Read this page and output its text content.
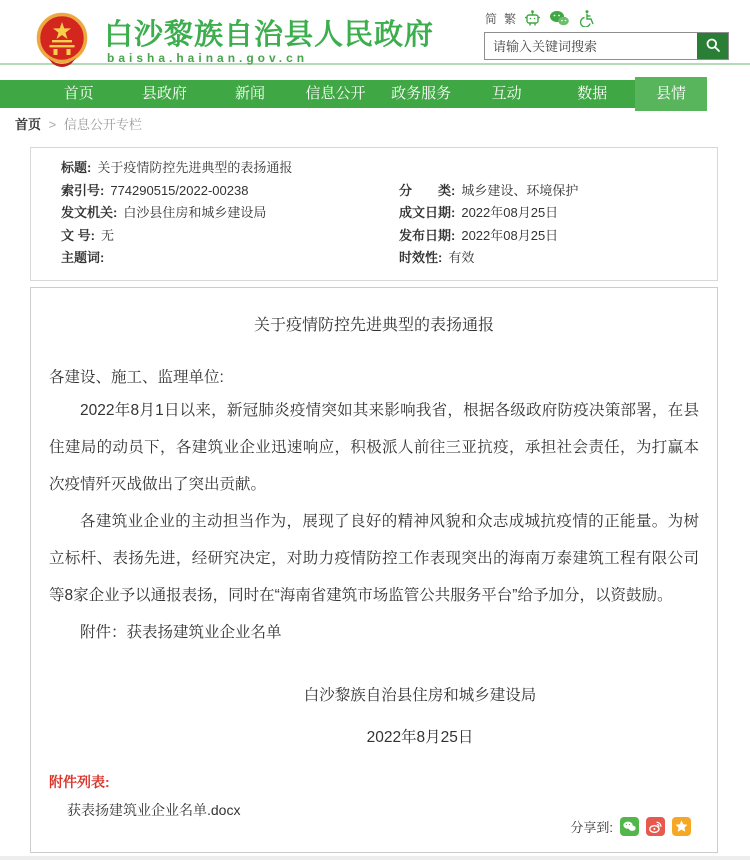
白沙黎族自治县人民政府
baisha.hainan.gov.cn
简 繁
请输入关键词搜索
首页	县政府	新闻	信息公开	政务服务	互动	数据	县情
首页 > 信息公开专栏
标题: 关于疫情防控先进典型的表扬通报
索引号: 774290515/2022-00238
发文机关: 白沙县住房和城乡建设局
文 号: 无
主题词:
分　　类: 城乡建设、环境保护
成文日期: 2022年08月25日
发布日期: 2022年08月25日
时效性: 有效
关于疫情防控先进典型的表扬通报
各建设、施工、监理单位:

2022年8月1日以来，新冠肺炎疫情突如其来影响我省，根据各级政府防疫决策部署，在县住建局的动员下，各建筑业企业迅速响应，积极派人前往三亚抗疫，承担社会责任，为打赢本次疫情歼灭战做出了突出贡献。

各建筑业企业的主动担当作为，展现了良好的精神风貌和众志成城抗疫情的正能量。为树立标杆、表扬先进，经研究决定，对助力疫情防控工作表现突出的海南万泰建筑工程有限公司等8家企业予以通报表扬，同时在“海南省建筑市场监管公共服务平台”给予加分，以资鼓励。

附件：获表扬建筑业企业名单
白沙黎族自治县住房和城乡建设局
2022年8月25日
附件列表:
获表扬建筑业企业名单.docx
分享到:
